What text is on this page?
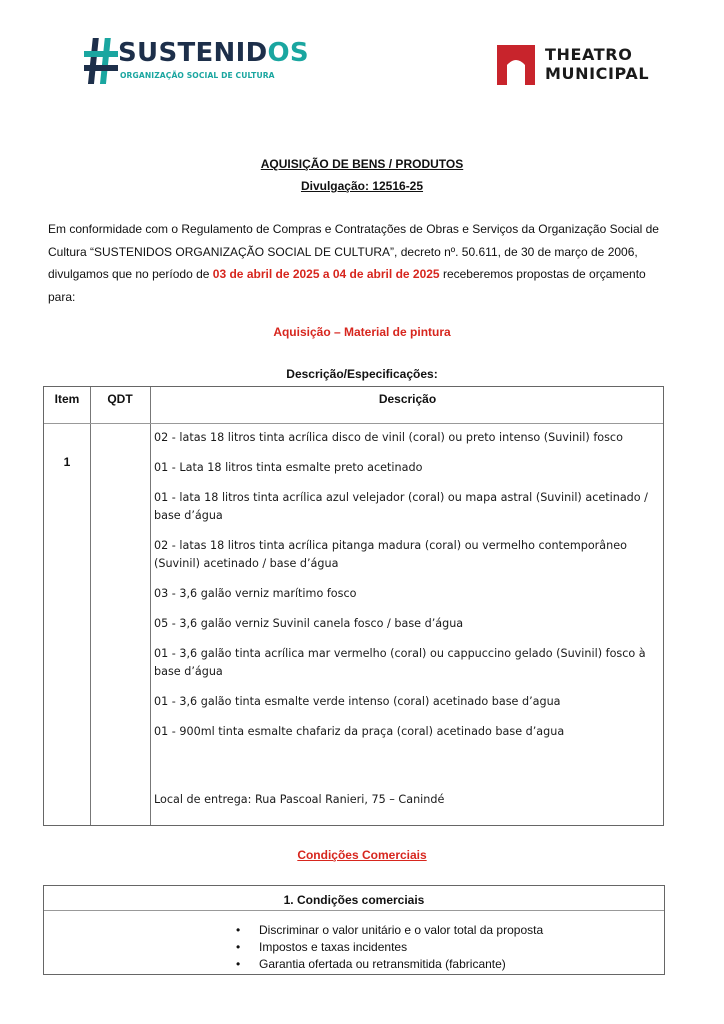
SUSTENIDOS
ORGANIZAÇÃO SOCIAL DE CULTURA
THEATRO
MUNICIPAL
AQUISIÇÃO DE BENS / PRODUTOS
Divulgação: 12516-25
Em conformidade com o Regulamento de Compras e Contratações de Obras e Serviços da Organização Social de Cultura “SUSTENIDOS ORGANIZAÇÃO SOCIAL DE CULTURA”, decreto nº. 50.611, de 30 de março de 2006, divulgamos que no período de 03 de abril de 2025 a 04 de abril de 2025 receberemos propostas de orçamento para:
Aquisição – Material de pintura
Descrição/Especificações:
Item	QDT	Descrição
1
02 - latas 18 litros tinta acrílica disco de vinil (coral) ou preto intenso (Suvinil) fosco
01 - Lata 18 litros tinta esmalte preto acetinado
01 - lata 18 litros tinta acrílica azul velejador (coral) ou mapa astral (Suvinil) acetinado / base d’água
02 - latas 18 litros tinta acrílica pitanga madura (coral) ou vermelho contemporâneo (Suvinil) acetinado / base d’água
03 - 3,6 galão verniz marítimo fosco
05 - 3,6 galão verniz Suvinil canela fosco / base d’água
01 - 3,6 galão tinta acrílica mar vermelho (coral) ou cappuccino gelado (Suvinil) fosco à base d’água
01 - 3,6 galão tinta esmalte verde intenso (coral) acetinado base d’agua
01 - 900ml tinta esmalte chafariz da praça (coral) acetinado base d’agua
Local de entrega: Rua Pascoal Ranieri, 75 – Canindé
Condições Comerciais
1. Condições comerciais
• Discriminar o valor unitário e o valor total da proposta
• Impostos e taxas incidentes
• Garantia ofertada ou retransmitida (fabricante)
